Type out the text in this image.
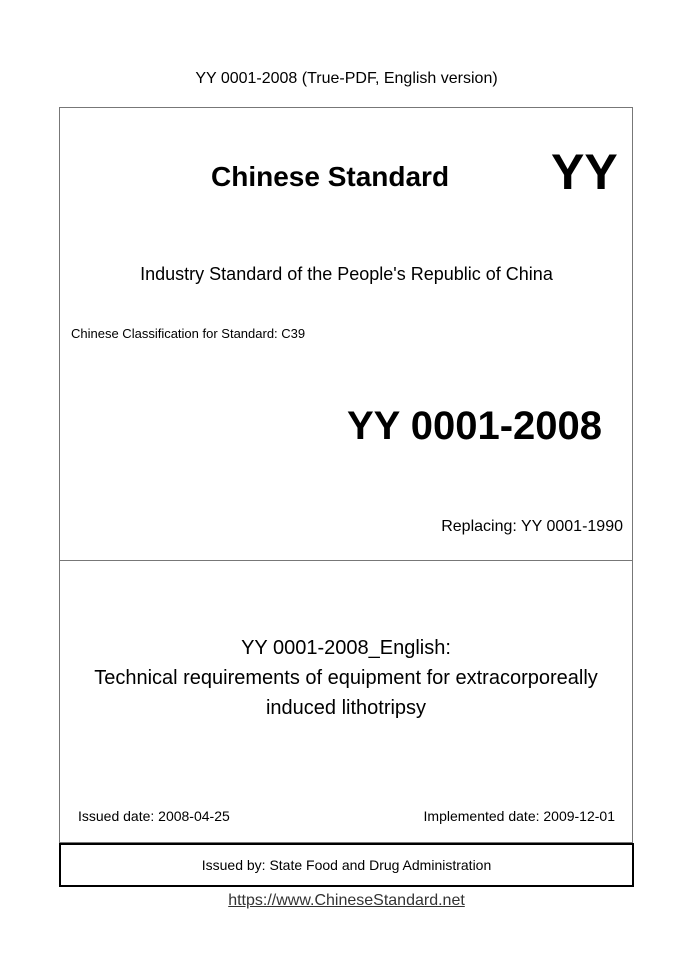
YY 0001-2008 (True-PDF, English version)
Chinese Standard YY
Industry Standard of the People's Republic of China
Chinese Classification for Standard: C39
YY 0001-2008
Replacing: YY 0001-1990
YY 0001-2008_English:
Technical requirements of equipment for extracorporeally
induced lithotripsy
Issued date: 2008-04-25	Implemented date: 2009-12-01
Issued by: State Food and Drug Administration
https://www.ChineseStandard.net
